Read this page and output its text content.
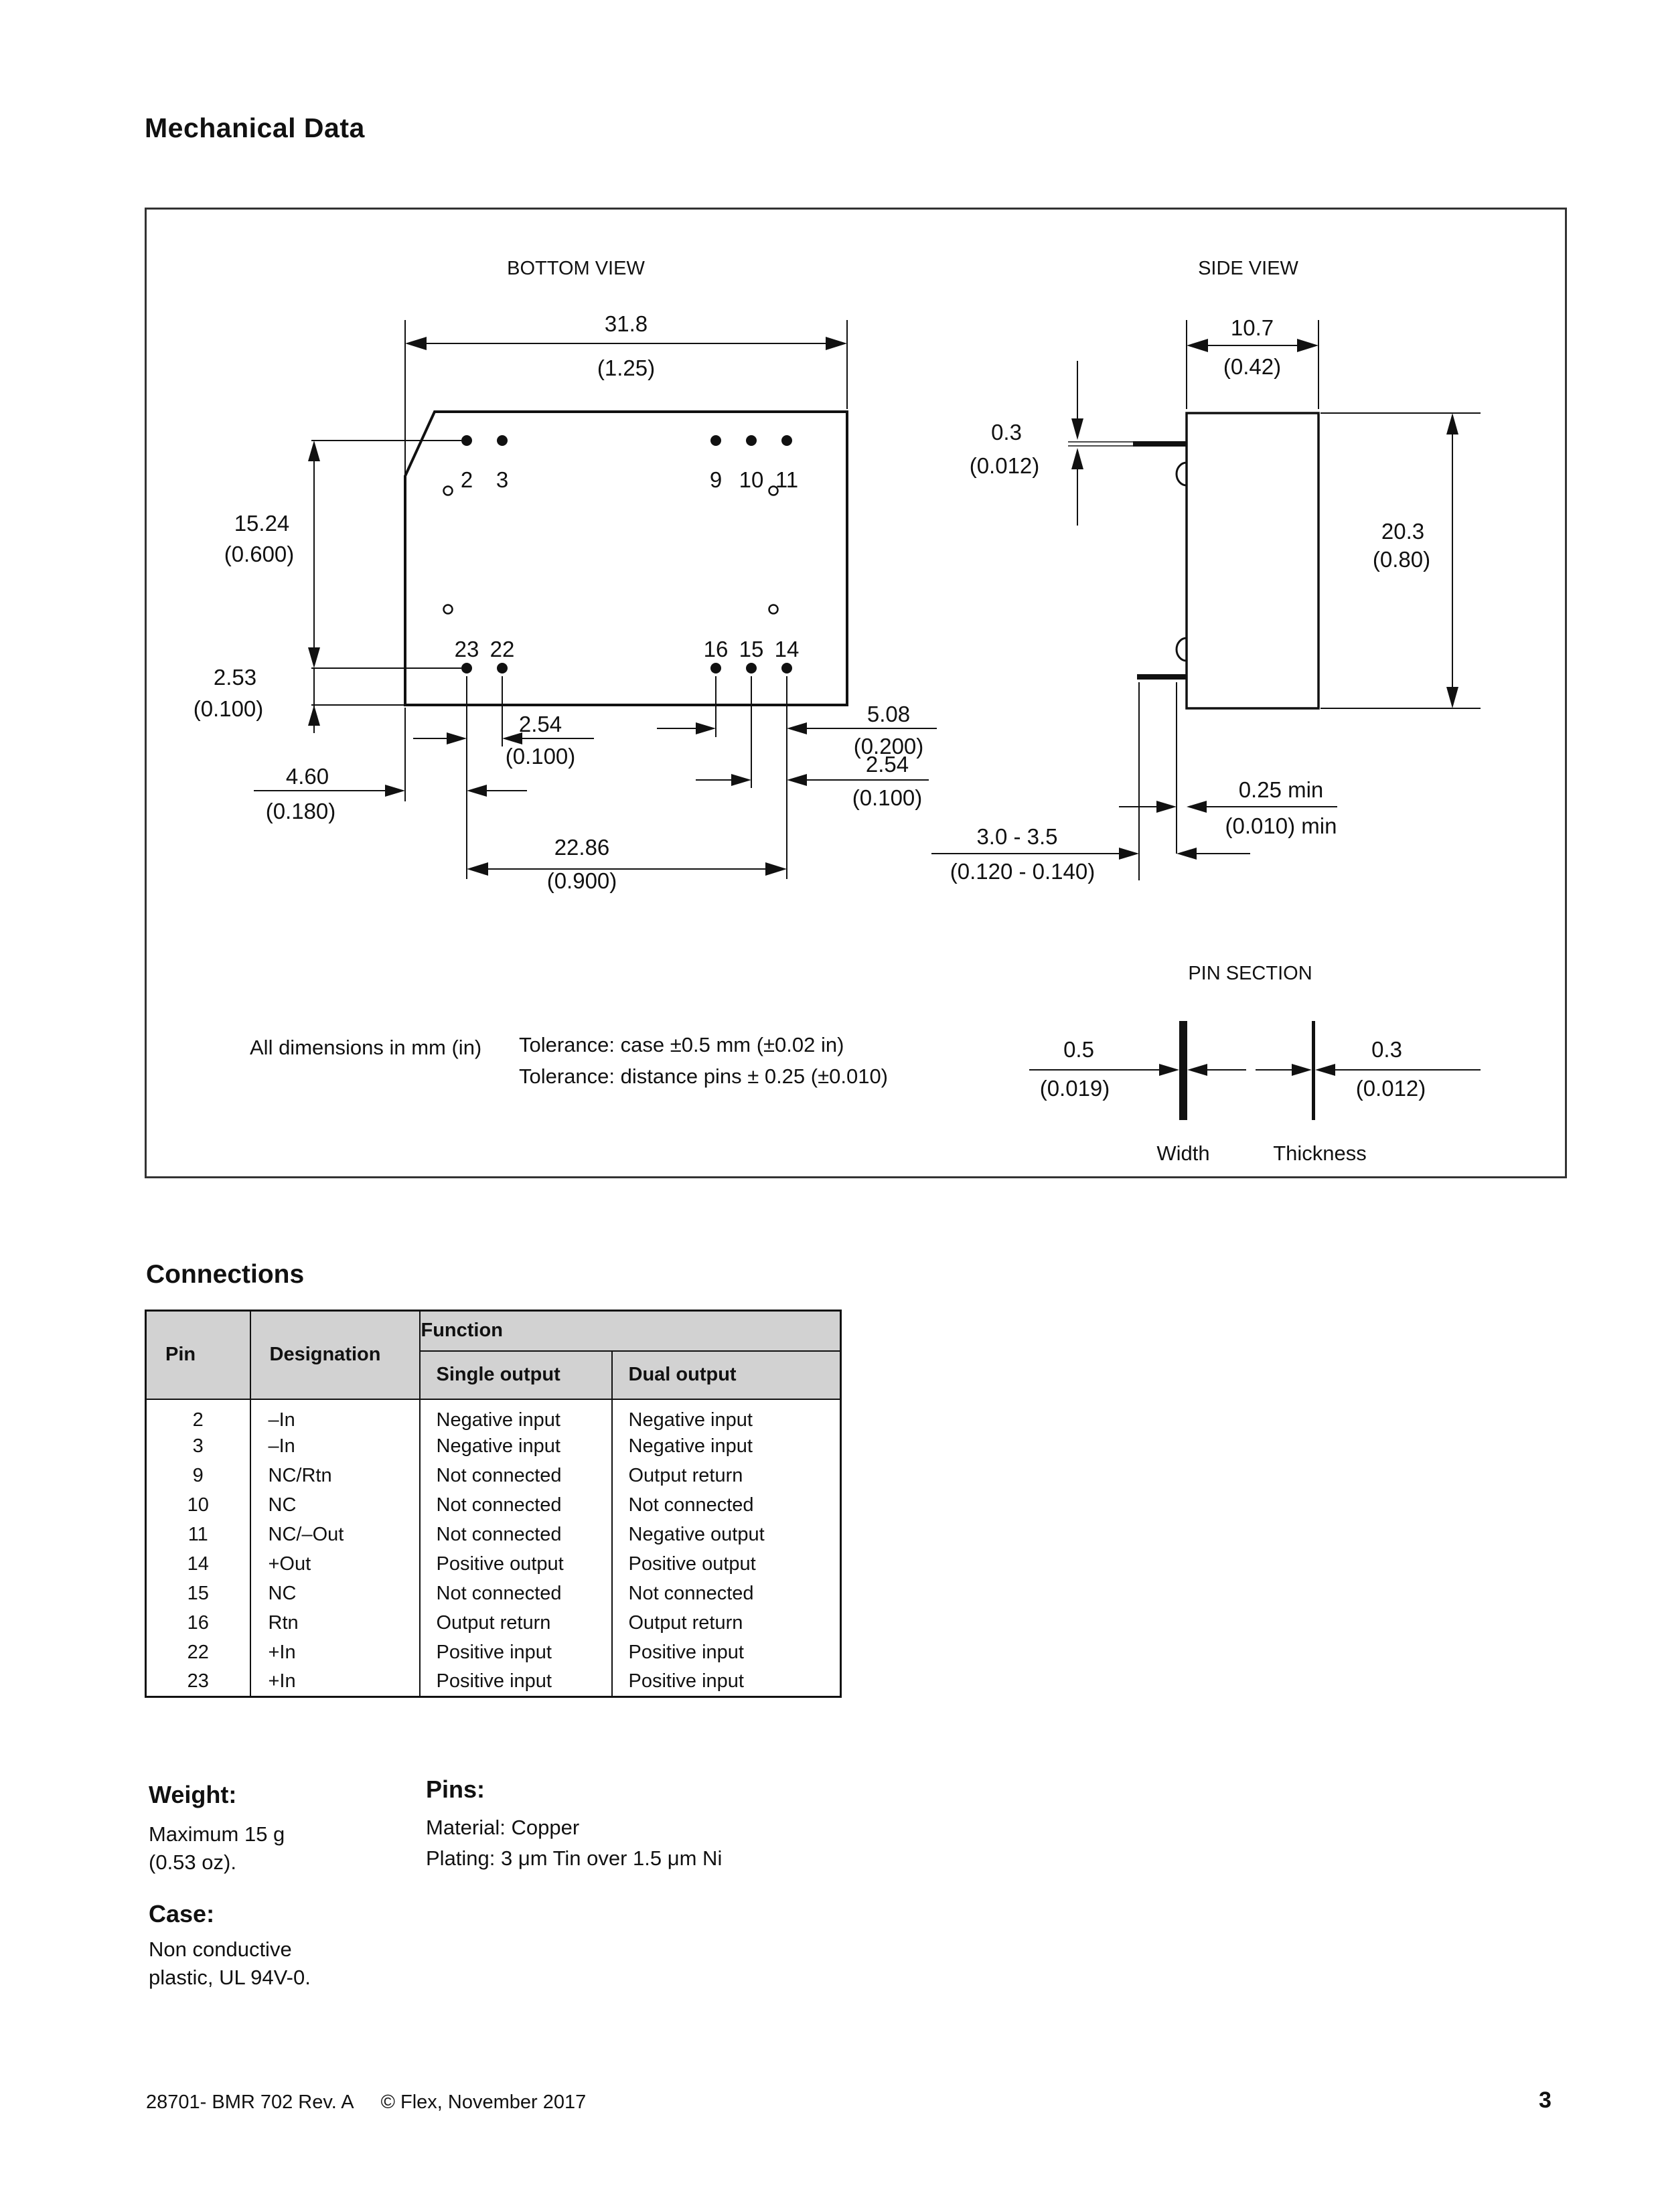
Mechanical Data
BOTTOM VIEW
31.8
(1.25)
2 3	9 10 11
23 22	16 15 14
15.24
(0.600)
2.53
(0.100)
4.60
(0.180)
2.54
(0.100)
5.08
(0.200)
2.54
(0.100)
22.86
(0.900)
SIDE VIEW
10.7
(0.42)
0.3
(0.012)
20.3
(0.80)
0.25 min
(0.010) min
3.0 - 3.5
(0.120 - 0.140)
PIN SECTION
0.5
(0.019)
0.3
(0.012)
Width	Thickness
All dimensions in mm (in) Tolerance: case ±0.5 mm (±0.02 in)
Tolerance: distance pins ± 0.25 (±0.010)
Connections
Pin	Designation	Function	
		Single output	Dual output
2	–In	Negative input	Negative input
3	–In	Negative input	Negative input
9	NC/Rtn	Not connected	Output return
10	NC	Not connected	Not connected
11	NC/–Out	Not connected	Negative output
14	+Out	Positive output	Positive output
15	NC	Not connected	Not connected
16	Rtn	Output return	Output return
22	+In	Positive input	Positive input
23	+In	Positive input	Positive input
Weight:
Maximum 15 g
(0.53 oz).
Pins:
Material: Copper
Plating: 3 μm Tin over 1.5 μm Ni
Case:
Non conductive
plastic, UL 94V-0.
28701- BMR 702 Rev. A © Flex, November 2017	3
